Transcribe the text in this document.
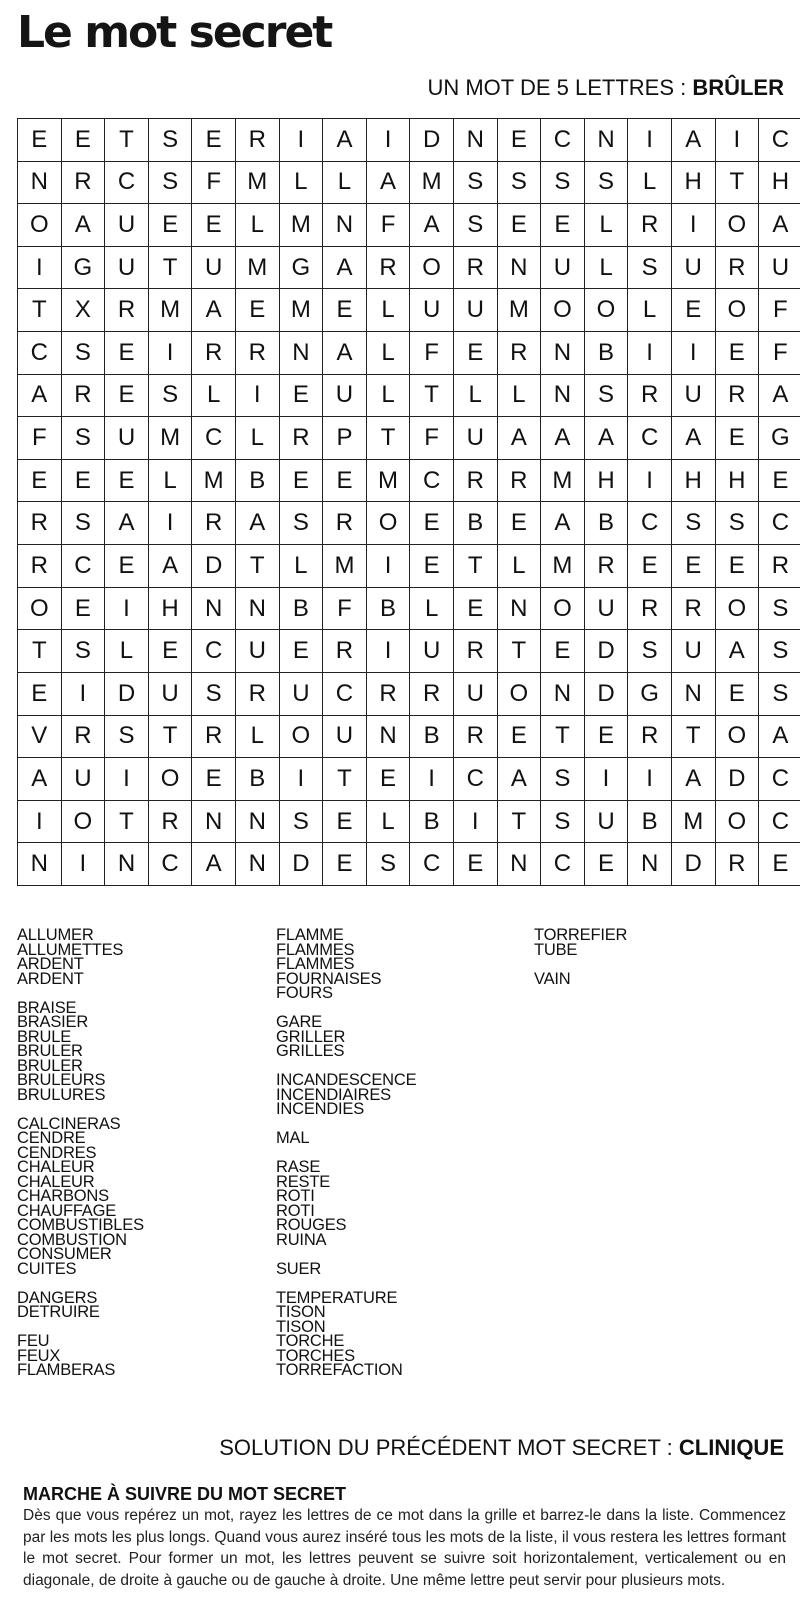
Le mot secret
UN MOT DE 5 LETTRES : BRÛLER
E	E	T	S	E	R	I	A	I	D	N	E	C	N	I	A	I	C
N	R	C	S	F	M	L	L	A	M	S	S	S	S	L	H	T	H
O	A	U	E	E	L	M	N	F	A	S	E	E	L	R	I	O	A
I	G	U	T	U	M	G	A	R	O	R	N	U	L	S	U	R	U
T	X	R	M	A	E	M	E	L	U	U	M	O	O	L	E	O	F
C	S	E	I	R	R	N	A	L	F	E	R	N	B	I	I	E	F
A	R	E	S	L	I	E	U	L	T	L	L	N	S	R	U	R	A
F	S	U	M	C	L	R	P	T	F	U	A	A	A	C	A	E	G
E	E	E	L	M	B	E	E	M	C	R	R	M	H	I	H	H	E
R	S	A	I	R	A	S	R	O	E	B	E	A	B	C	S	S	C
R	C	E	A	D	T	L	M	I	E	T	L	M	R	E	E	E	R
O	E	I	H	N	N	B	F	B	L	E	N	O	U	R	R	O	S
T	S	L	E	C	U	E	R	I	U	R	T	E	D	S	U	A	S
E	I	D	U	S	R	U	C	R	R	U	O	N	D	G	N	E	S
V	R	S	T	R	L	O	U	N	B	R	E	T	E	R	T	O	A
A	U	I	O	E	B	I	T	E	I	C	A	S	I	I	A	D	C
I	O	T	R	N	N	S	E	L	B	I	T	S	U	B	M	O	C
N	I	N	C	A	N	D	E	S	C	E	N	C	E	N	D	R	E
ALLUMER
ALLUMETTES
ARDENT
ARDENT
BRAISE
BRASIER
BRULE
BRULER
BRULER
BRULEURS
BRULURES
CALCINERAS
CENDRE
CENDRES
CHALEUR
CHALEUR
CHARBONS
CHAUFFAGE
COMBUSTIBLES
COMBUSTION
CONSUMER
CUITES
DANGERS
DETRUIRE
FEU
FEUX
FLAMBERAS
FLAMME
FLAMMES
FLAMMES
FOURNAISES
FOURS
GARE
GRILLER
GRILLES
INCANDESCENCE
INCENDIAIRES
INCENDIES
MAL
RASE
RESTE
ROTI
ROTI
ROUGES
RUINA
SUER
TEMPERATURE
TISON
TISON
TORCHE
TORCHES
TORREFACTION
TORREFIER
TUBE
VAIN
SOLUTION DU PRÉCÉDENT MOT SECRET : CLINIQUE
MARCHE À SUIVRE DU MOT SECRET
Dès que vous repérez un mot, rayez les lettres de ce mot dans la grille et barrez-le dans la liste. Commencez par les mots les plus longs. Quand vous aurez inséré tous les mots de la liste, il vous restera les lettres formant le mot secret. Pour former un mot, les lettres peuvent se suivre soit horizontalement, verticalement ou en diagonale, de droite à gauche ou de gauche à droite. Une même lettre peut servir pour plusieurs mots.
